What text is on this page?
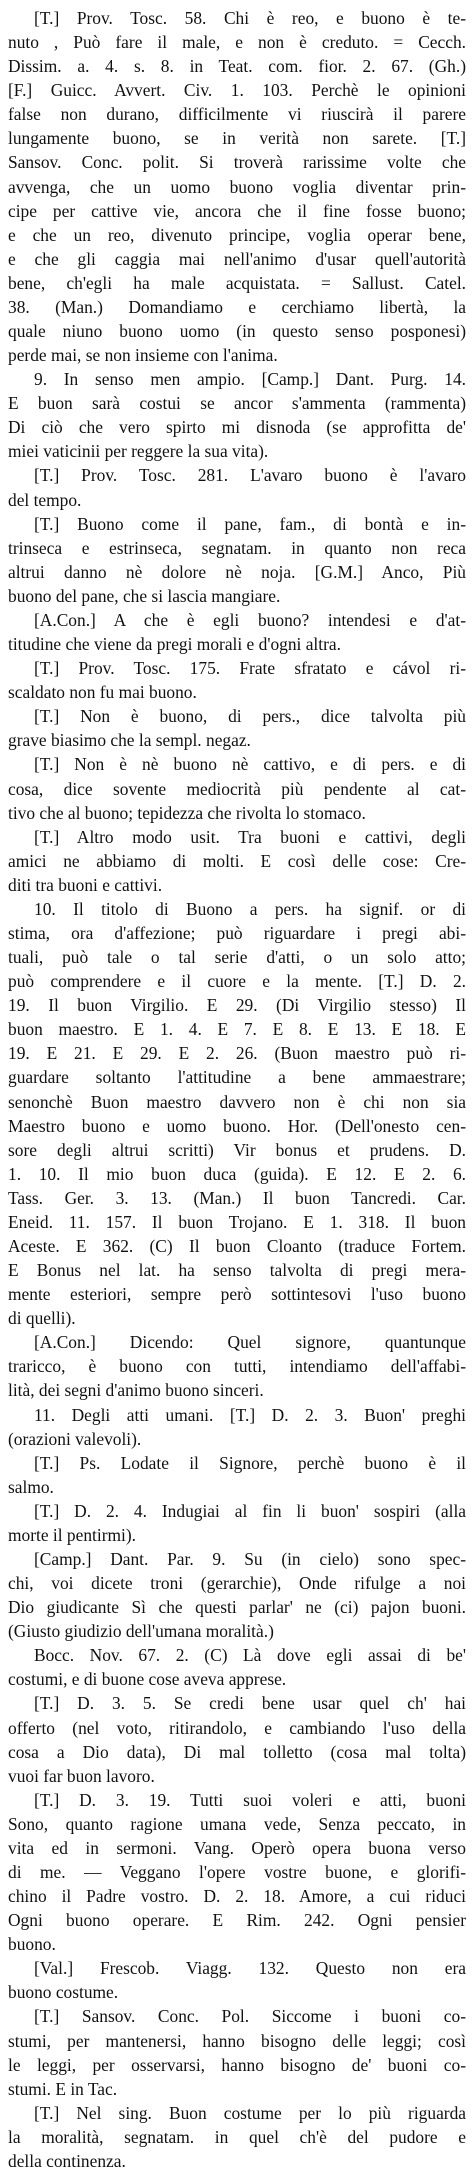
[T.] Prov. Tosc. 58. Chi è reo, e buono è te-
nuto , Può fare il male, e non è creduto. = Cecch.
Dissim. a. 4. s. 8. in Teat. com. fior. 2. 67. (Gh.)
[F.] Guicc. Avvert. Civ. 1. 103. Perchè le opinioni
false non durano, difficilmente vi riuscirà il parere
lungamente buono, se in verità non sarete. [T.]
Sansov. Conc. polit. Si troverà rarissime volte che
avvenga, che un uomo buono voglia diventar prin-
cipe per cattive vie, ancora che il fine fosse buono;
e che un reo, divenuto principe, voglia operar bene,
e che gli caggia mai nell'animo d'usar quell'autorità
bene, ch'egli ha male acquistata. = Sallust. Catel.
38. (Man.) Domandiamo e cerchiamo libertà, la
quale niuno buono uomo (in questo senso posponesi)
perde mai, se non insieme con l'anima.
9. In senso men ampio. [Camp.] Dant. Purg. 14.
E buon sarà costui se ancor s'ammenta (rammenta)
Di ciò che vero spirto mi disnoda (se approfitta de'
miei vaticinii per reggere la sua vita).
[T.] Prov. Tosc. 281. L'avaro buono è l'avaro
del tempo.
[T.] Buono come il pane, fam., di bontà e in-
trinseca e estrinseca, segnatam. in quanto non reca
altrui danno nè dolore nè noja. [G.M.] Anco, Più
buono del pane, che si lascia mangiare.
[A.Con.] A che è egli buono? intendesi e d'at-
titudine che viene da pregi morali e d'ogni altra.
[T.] Prov. Tosc. 175. Frate sfratato e cávol ri-
scaldato non fu mai buono.
[T.] Non è buono, di pers., dice talvolta più
grave biasimo che la sempl. negaz.
[T.] Non è nè buono nè cattivo, e di pers. e di
cosa, dice sovente mediocrità più pendente al cat-
tivo che al buono; tepidezza che rivolta lo stomaco.
[T.] Altro modo usit. Tra buoni e cattivi, degli
amici ne abbiamo di molti. E così delle cose: Cre-
diti tra buoni e cattivi.
10. Il titolo di Buono a pers. ha signif. or di
stima, ora d'affezione; può riguardare i pregi abi-
tuali, può tale o tal serie d'atti, o un solo atto;
può comprendere e il cuore e la mente. [T.] D. 2.
19. Il buon Virgilio. E 29. (Di Virgilio stesso) Il
buon maestro. E 1. 4. E 7. E 8. E 13. E 18. E
19. E 21. E 29. E 2. 26. (Buon maestro può ri-
guardare soltanto l'attitudine a bene ammaestrare;
senonchè Buon maestro davvero non è chi non sia
Maestro buono e uomo buono. Hor. (Dell'onesto cen-
sore degli altrui scritti) Vir bonus et prudens. D.
1. 10. Il mio buon duca (guida). E 12. E 2. 6.
Tass. Ger. 3. 13. (Man.) Il buon Tancredi. Car.
Eneid. 11. 157. Il buon Trojano. E 1. 318. Il buon
Aceste. E 362. (C) Il buon Cloanto (traduce Fortem.
E Bonus nel lat. ha senso talvolta di pregi mera-
mente esteriori, sempre però sottintesovi l'uso buono
di quelli).
[A.Con.] Dicendo: Quel signore, quantunque
traricco, è buono con tutti, intendiamo dell'affabi-
lità, dei segni d'animo buono sinceri.
11. Degli atti umani. [T.] D. 2. 3. Buon' preghi
(orazioni valevoli).
[T.] Ps. Lodate il Signore, perchè buono è il
salmo.
[T.] D. 2. 4. Indugiai al fin li buon' sospiri (alla
morte il pentirmi).
[Camp.] Dant. Par. 9. Su (in cielo) sono spec-
chi, voi dicete troni (gerarchie), Onde rifulge a noi
Dio giudicante Sì che questi parlar' ne (ci) pajon buoni.
(Giusto giudizio dell'umana moralità.)
Bocc. Nov. 67. 2. (C) Là dove egli assai di be'
costumi, e di buone cose aveva apprese.
[T.] D. 3. 5. Se credi bene usar quel ch' hai
offerto (nel voto, ritirandolo, e cambiando l'uso della
cosa a Dio data), Di mal tolletto (cosa mal tolta)
vuoi far buon lavoro.
[T.] D. 3. 19. Tutti suoi voleri e atti, buoni
Sono, quanto ragione umana vede, Senza peccato, in
vita ed in sermoni. Vang. Operò opera buona verso
di me. — Veggano l'opere vostre buone, e glorifi-
chino il Padre vostro. D. 2. 18. Amore, a cui riduci
Ogni buono operare. E Rim. 242. Ogni pensier
buono.
[Val.] Frescob. Viagg. 132. Questo non era
buono costume.
[T.] Sansov. Conc. Pol. Siccome i buoni co-
stumi, per mantenersi, hanno bisogno delle leggi; così
le leggi, per osservarsi, hanno bisogno de' buoni co-
stumi. E in Tac.
[T.] Nel sing. Buon costume per lo più riguarda
la moralità, segnatam. in quel ch'è del pudore e
della continenza.
